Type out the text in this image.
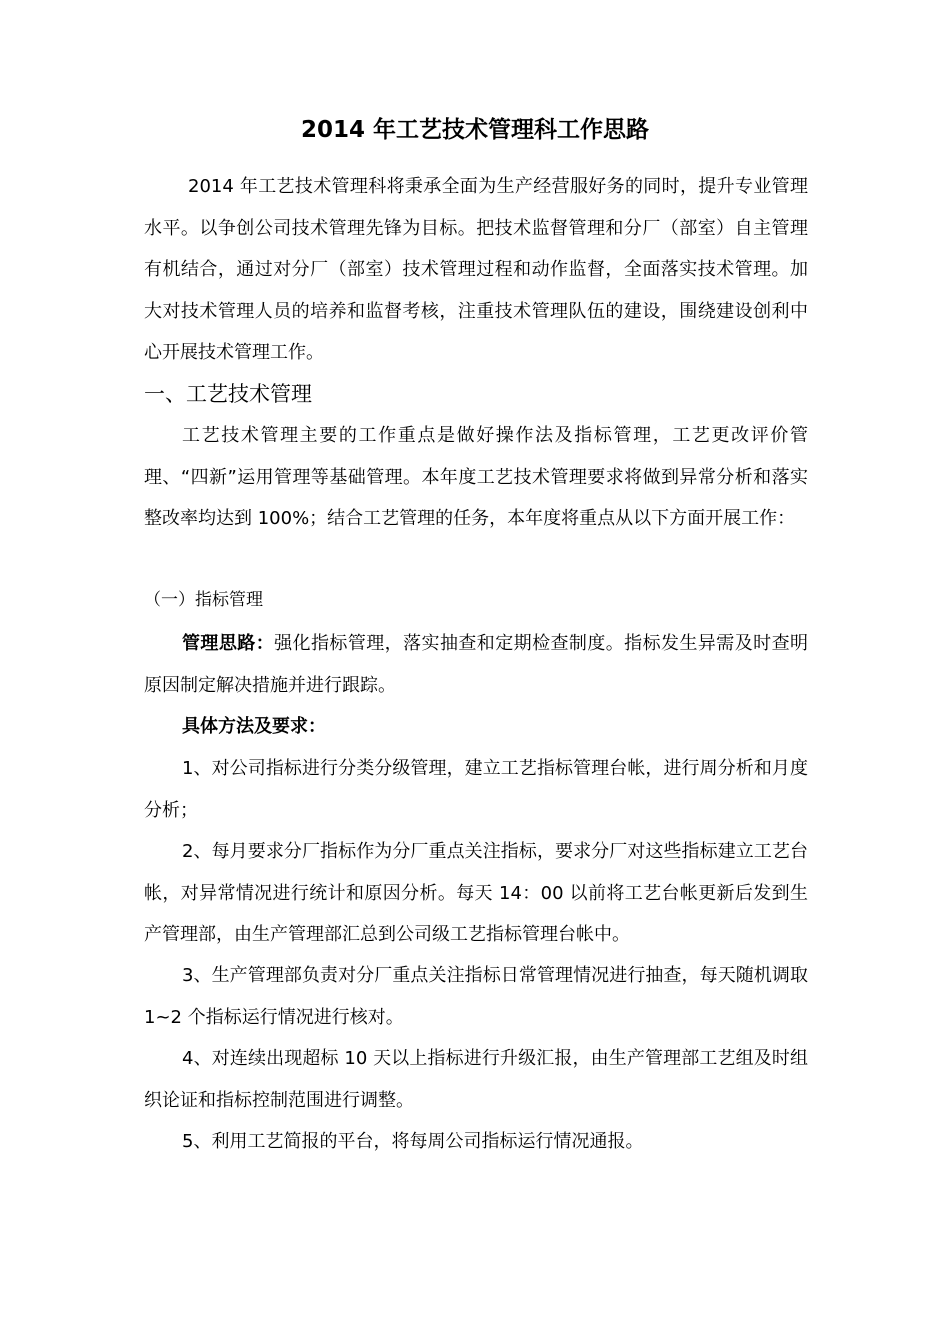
2014 年工艺技术管理科工作思路

2014 年工艺技术管理科将秉承全面为生产经营服好务的同时，提升专业管理水平。以争创公司技术管理先锋为目标。把技术监督管理和分厂（部室）自主管理有机结合，通过对分厂（部室）技术管理过程和动作监督，全面落实技术管理。加大对技术管理人员的培养和监督考核，注重技术管理队伍的建设，围绕建设创利中心开展技术管理工作。

一、工艺技术管理

工艺技术管理主要的工作重点是做好操作法及指标管理，工艺更改评价管理、“四新”运用管理等基础管理。本年度工艺技术管理要求将做到异常分析和落实整改率均达到 100%；结合工艺管理的任务，本年度将重点从以下方面开展工作：

（一）指标管理

管理思路：强化指标管理，落实抽查和定期检查制度。指标发生异需及时查明原因制定解决措施并进行跟踪。

具体方法及要求：

1、对公司指标进行分类分级管理，建立工艺指标管理台帐，进行周分析和月度分析；

2、每月要求分厂指标作为分厂重点关注指标，要求分厂对这些指标建立工艺台帐，对异常情况进行统计和原因分析。每天 14：00 以前将工艺台帐更新后发到生产管理部，由生产管理部汇总到公司级工艺指标管理台帐中。

3、生产管理部负责对分厂重点关注指标日常管理情况进行抽查，每天随机调取 1~2 个指标运行情况进行核对。

4、对连续出现超标 10 天以上指标进行升级汇报，由生产管理部工艺组及时组织论证和指标控制范围进行调整。

5、利用工艺简报的平台，将每周公司指标运行情况通报。
